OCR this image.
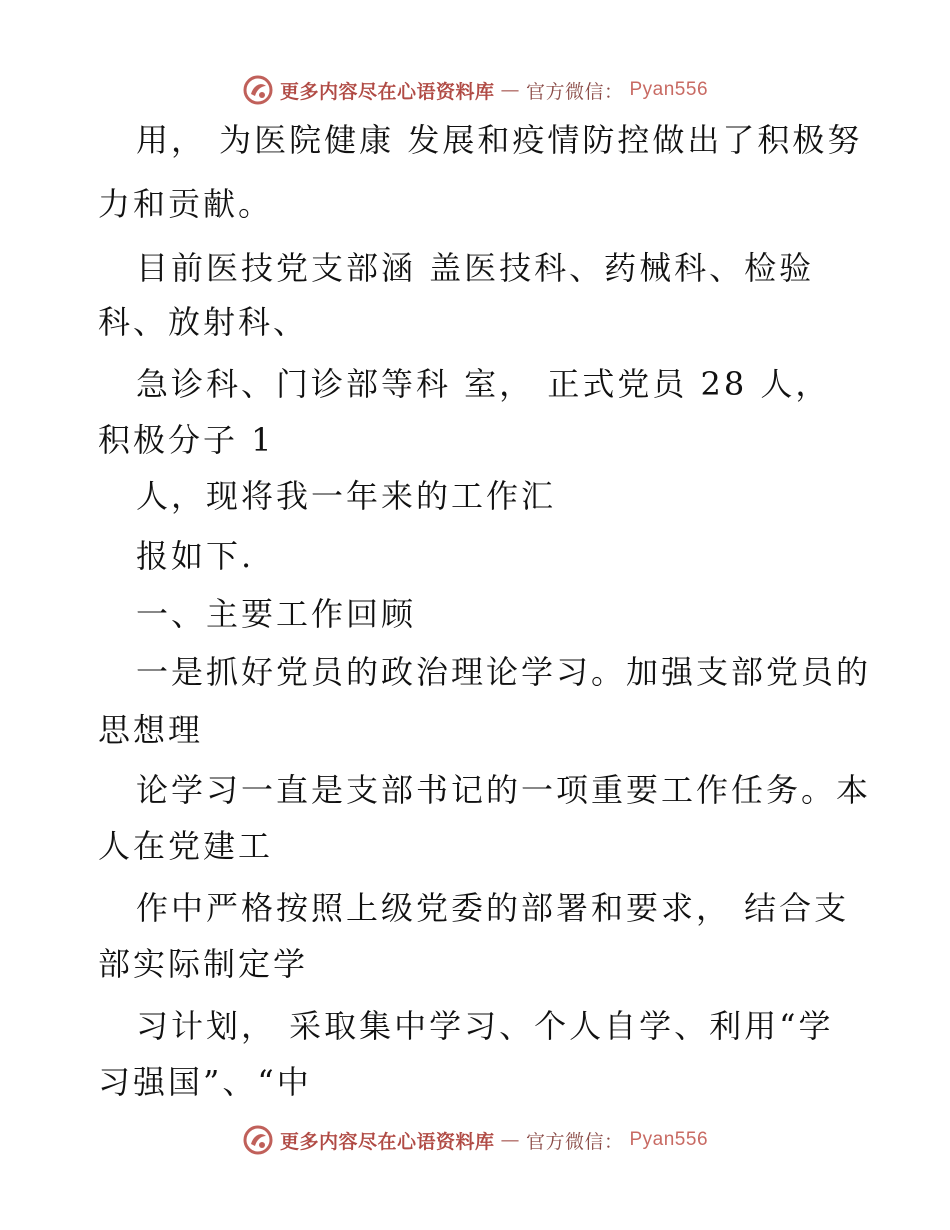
更多内容尽在心语资料库 — 官方微信： Pyan556
用， 为医院健康 发展和疫情防控做出了积极努
力和贡献。
目前医技党支部涵 盖医技科、药械科、检验
科、放射科、
急诊科、门诊部等科 室， 正式党员 28 人，
积极分子 1
人，现将我一年来的工作汇
报如下.
一、主要工作回顾
一是抓好党员的政治理论学习。加强支部党员的
思想理
论学习一直是支部书记的一项重要工作任务。本
人在党建工
作中严格按照上级党委的部署和要求， 结合支
部实际制定学
习计划， 采取集中学习、个人自学、利用“学
习强国”、“中
更多内容尽在心语资料库 — 官方微信： Pyan556
